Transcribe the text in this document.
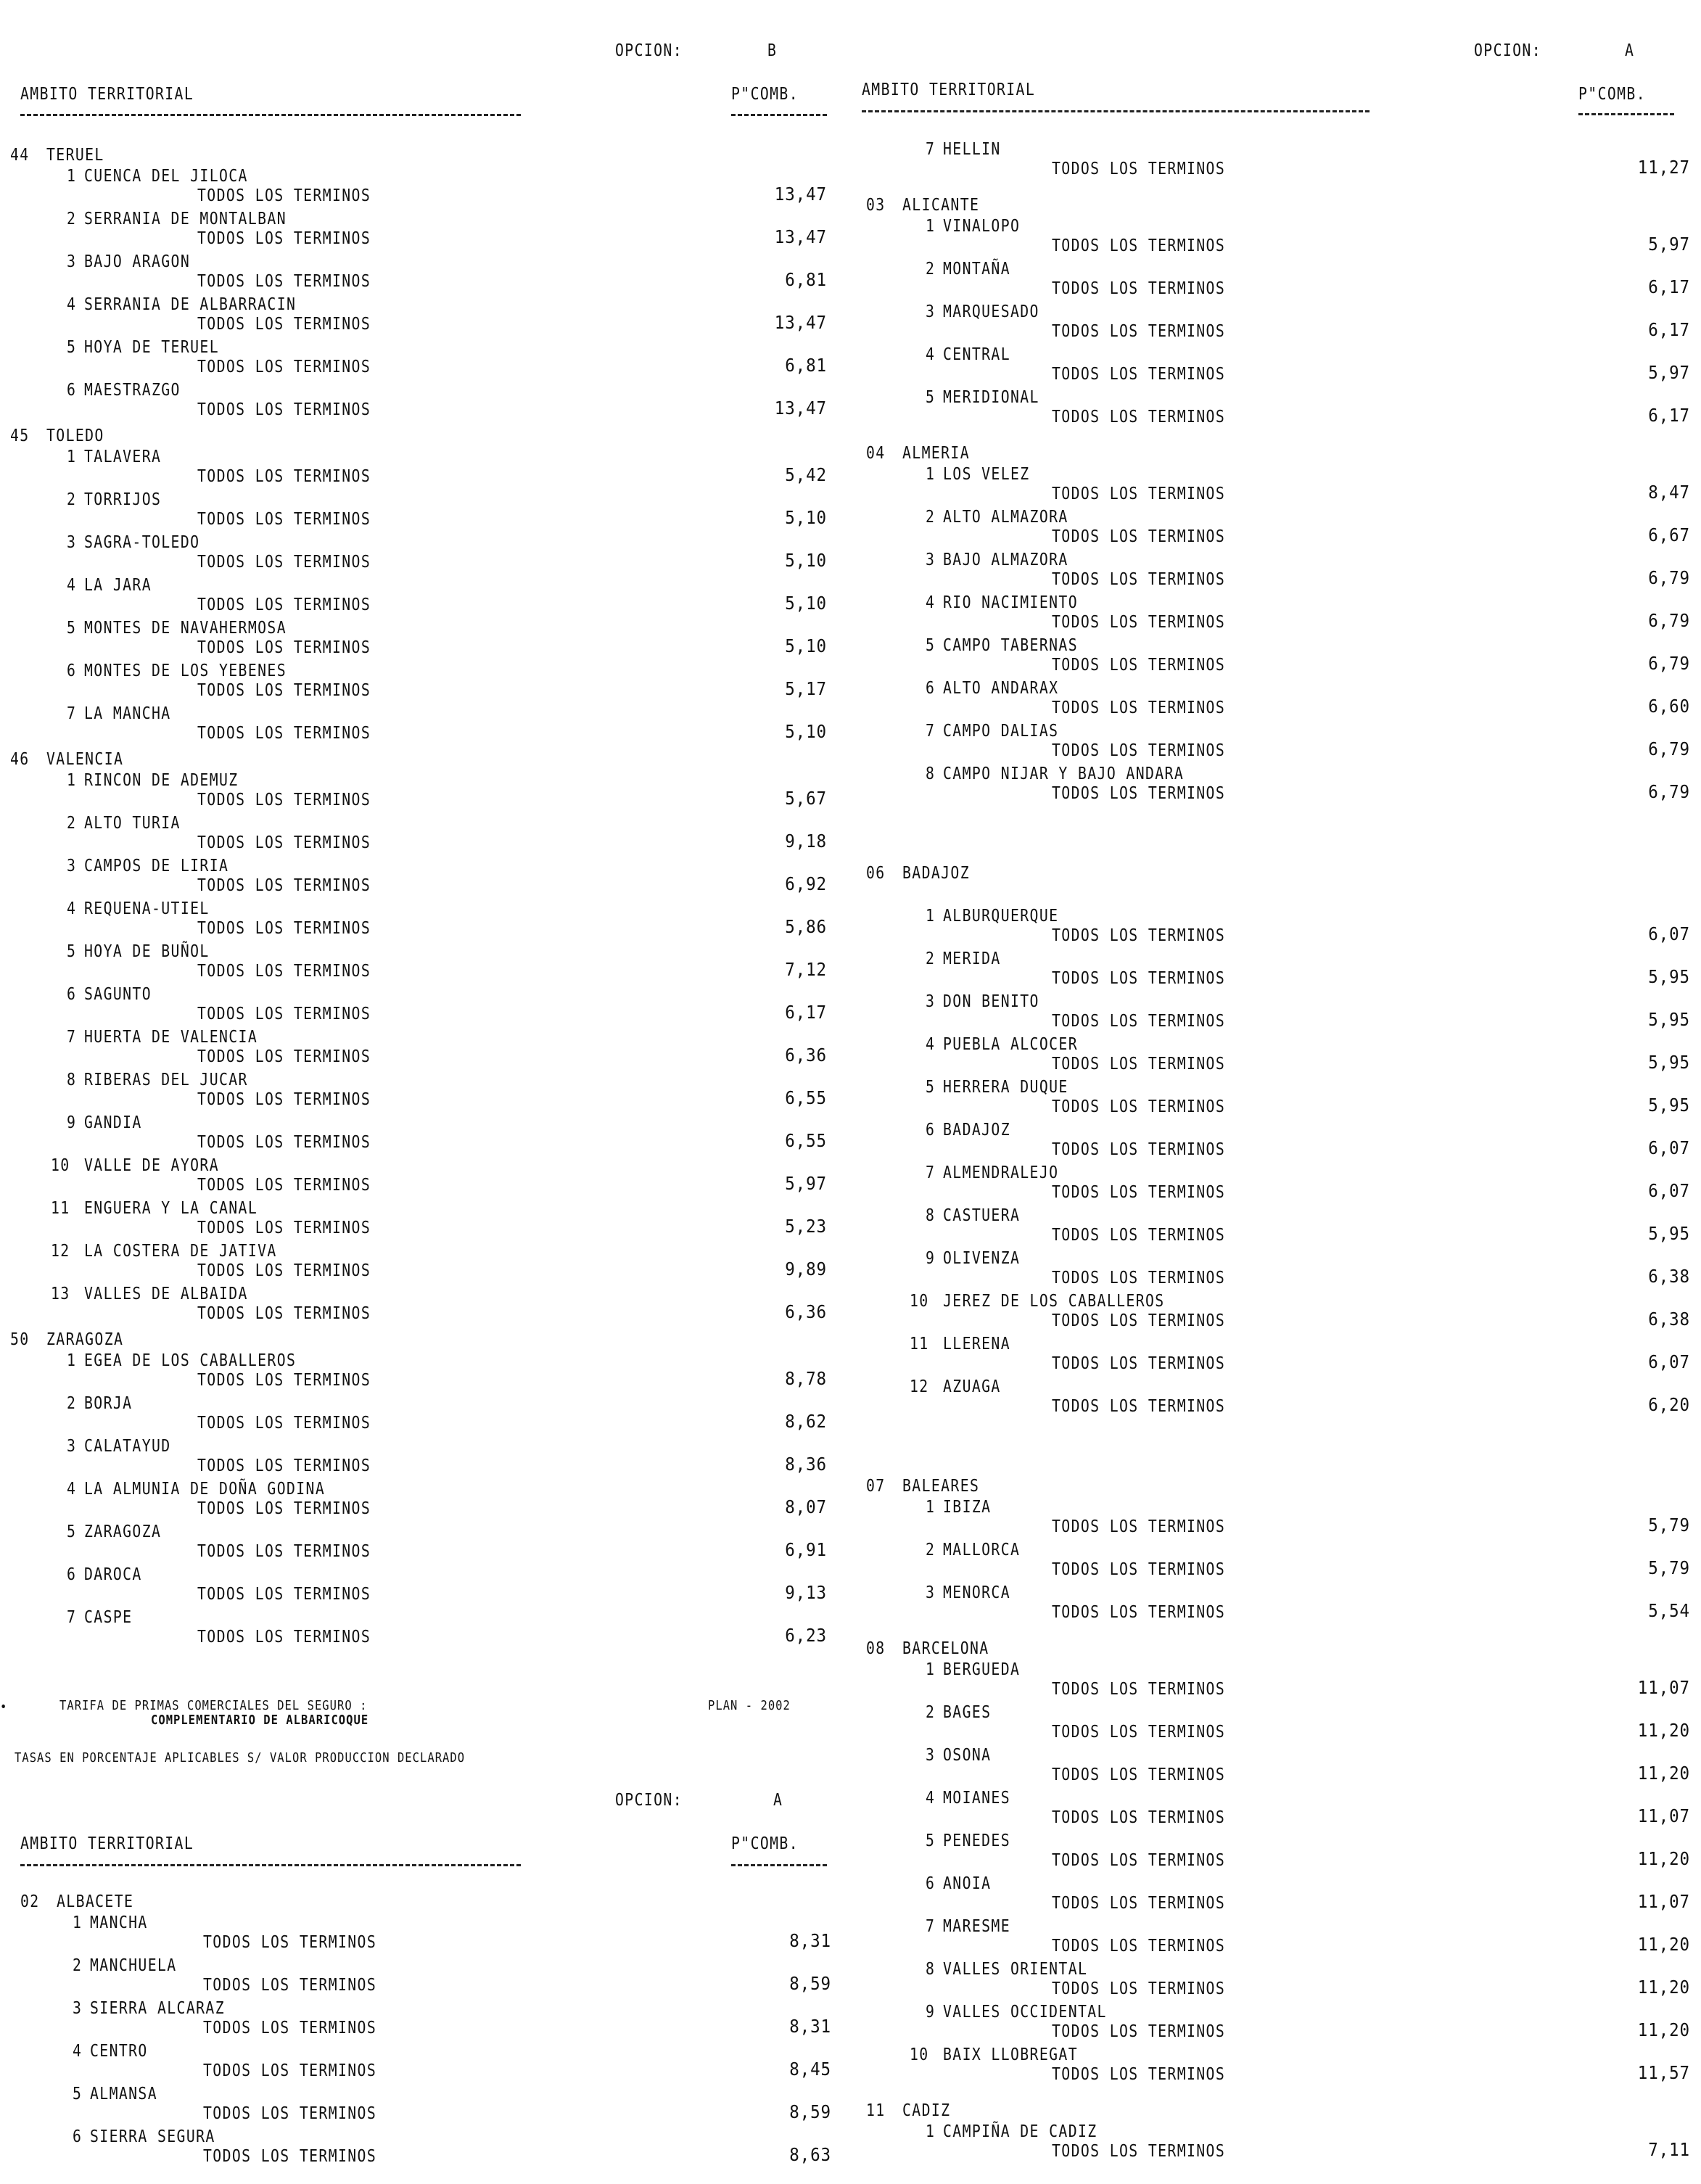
44 TERUEL
1 CUENCA DEL JILOCA
TODOS LOS TERMINOS	13,47
2 SERRANIA DE MONTALBAN
TODOS LOS TERMINOS	13,47
3 BAJO ARAGON
TODOS LOS TERMINOS	6,81
4 SERRANIA DE ALBARRACIN
TODOS LOS TERMINOS	13,47
5 HOYA DE TERUEL
TODOS LOS TERMINOS	6,81
6 MAESTRAZGO
TODOS LOS TERMINOS	13,47
45 TOLEDO
1 TALAVERA
TODOS LOS TERMINOS	5,42
2 TORRIJOS
TODOS LOS TERMINOS	5,10
3 SAGRA-TOLEDO
TODOS LOS TERMINOS	5,10
4 LA JARA
TODOS LOS TERMINOS	5,10
5 MONTES DE NAVAHERMOSA
TODOS LOS TERMINOS	5,10
6 MONTES DE LOS YEBENES
TODOS LOS TERMINOS	5,17
7 LA MANCHA
TODOS LOS TERMINOS	5,10
46 VALENCIA
1 RINCON DE ADEMUZ
TODOS LOS TERMINOS	5,67
2 ALTO TURIA
TODOS LOS TERMINOS	9,18
3 CAMPOS DE LIRIA
TODOS LOS TERMINOS	6,92
4 REQUENA-UTIEL
TODOS LOS TERMINOS	5,86
5 HOYA DE BUÑOL
TODOS LOS TERMINOS	7,12
6 SAGUNTO
TODOS LOS TERMINOS	6,17
7 HUERTA DE VALENCIA
TODOS LOS TERMINOS	6,36
8 RIBERAS DEL JUCAR
TODOS LOS TERMINOS	6,55
9 GANDIA
TODOS LOS TERMINOS	6,55
10 VALLE DE AYORA
TODOS LOS TERMINOS	5,97
11 ENGUERA Y LA CANAL
TODOS LOS TERMINOS	5,23
12 LA COSTERA DE JATIVA
TODOS LOS TERMINOS	9,89
13 VALLES DE ALBAIDA
TODOS LOS TERMINOS	6,36
50 ZARAGOZA
1 EGEA DE LOS CABALLEROS
TODOS LOS TERMINOS	8,78
2 BORJA
TODOS LOS TERMINOS	8,62
3 CALATAYUD
TODOS LOS TERMINOS	8,36
4 LA ALMUNIA DE DOÑA GODINA
TODOS LOS TERMINOS	8,07
5 ZARAGOZA
TODOS LOS TERMINOS	6,91
6 DAROCA
TODOS LOS TERMINOS	9,13
7 CASPE
TODOS LOS TERMINOS	6,23
02 ALBACETE
1 MANCHA
TODOS LOS TERMINOS	8,31
2 MANCHUELA
TODOS LOS TERMINOS	8,59
3 SIERRA ALCARAZ
TODOS LOS TERMINOS	8,31
4 CENTRO
TODOS LOS TERMINOS	8,45
5 ALMANSA
TODOS LOS TERMINOS	8,59
6 SIERRA SEGURA
TODOS LOS TERMINOS	8,63
7 HELLIN
TODOS LOS TERMINOS	11,27
03 ALICANTE
1 VINALOPO
TODOS LOS TERMINOS	5,97
2 MONTAÑA
TODOS LOS TERMINOS	6,17
3 MARQUESADO
TODOS LOS TERMINOS	6,17
4 CENTRAL
TODOS LOS TERMINOS	5,97
5 MERIDIONAL
TODOS LOS TERMINOS	6,17
04 ALMERIA
1 LOS VELEZ
TODOS LOS TERMINOS	8,47
2 ALTO ALMAZORA
TODOS LOS TERMINOS	6,67
3 BAJO ALMAZORA
TODOS LOS TERMINOS	6,79
4 RIO NACIMIENTO
TODOS LOS TERMINOS	6,79
5 CAMPO TABERNAS
TODOS LOS TERMINOS	6,79
6 ALTO ANDARAX
TODOS LOS TERMINOS	6,60
7 CAMPO DALIAS
TODOS LOS TERMINOS	6,79
8 CAMPO NIJAR Y BAJO ANDARA
TODOS LOS TERMINOS	6,79
06 BADAJOZ
1 ALBURQUERQUE
TODOS LOS TERMINOS	6,07
2 MERIDA
TODOS LOS TERMINOS	5,95
3 DON BENITO
TODOS LOS TERMINOS	5,95
4 PUEBLA ALCOCER
TODOS LOS TERMINOS	5,95
5 HERRERA DUQUE
TODOS LOS TERMINOS	5,95
6 BADAJOZ
TODOS LOS TERMINOS	6,07
7 ALMENDRALEJO
TODOS LOS TERMINOS	6,07
8 CASTUERA
TODOS LOS TERMINOS	5,95
9 OLIVENZA
TODOS LOS TERMINOS	6,38
10 JEREZ DE LOS CABALLEROS
TODOS LOS TERMINOS	6,38
11 LLERENA
TODOS LOS TERMINOS	6,07
12 AZUAGA
TODOS LOS TERMINOS	6,20
07 BALEARES
1 IBIZA
TODOS LOS TERMINOS	5,79
2 MALLORCA
TODOS LOS TERMINOS	5,79
3 MENORCA
TODOS LOS TERMINOS	5,54
08 BARCELONA
1 BERGUEDA
TODOS LOS TERMINOS	11,07
2 BAGES
TODOS LOS TERMINOS	11,20
3 OSONA
TODOS LOS TERMINOS	11,20
4 MOIANES
TODOS LOS TERMINOS	11,07
5 PENEDES
TODOS LOS TERMINOS	11,20
6 ANOIA
TODOS LOS TERMINOS	11,07
7 MARESME
TODOS LOS TERMINOS	11,20
8 VALLES ORIENTAL
TODOS LOS TERMINOS	11,20
9 VALLES OCCIDENTAL
TODOS LOS TERMINOS	11,20
10 BAIX LLOBREGAT
TODOS LOS TERMINOS	11,57
11 CADIZ
1 CAMPIÑA DE CADIZ
TODOS LOS TERMINOS	7,11
OPCION:	B
AMBITO TERRITORIAL	P"COMB.
•	TARIFA DE PRIMAS COMERCIALES DEL SEGURO :
COMPLEMENTARIO DE ALBARICOQUE
PLAN - 2002
TASAS EN PORCENTAJE APLICABLES S/ VALOR PRODUCCION DECLARADO
OPCION:	A
AMBITO TERRITORIAL	P"COMB.
OPCION:	A
AMBITO TERRITORIAL	P"COMB.
